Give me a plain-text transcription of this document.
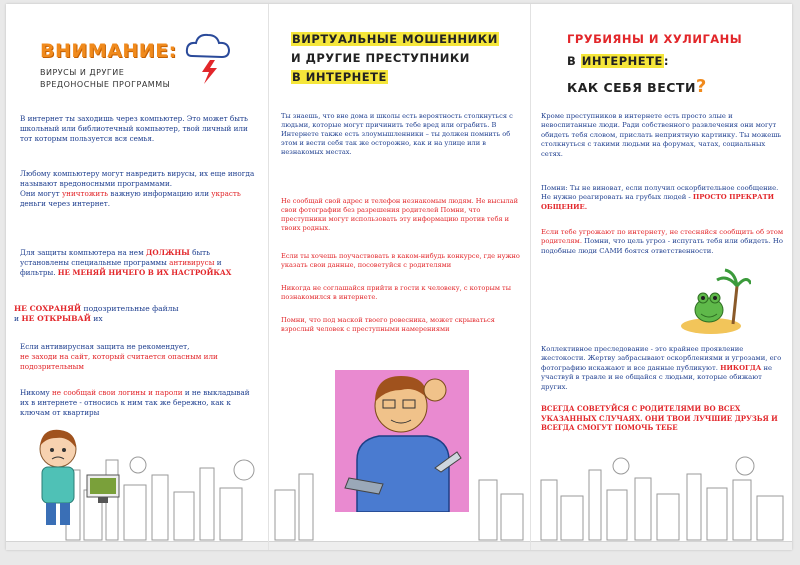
ВНИМАНИЕ:
ВИРУСЫ И ДРУГИЕ
ВРЕДОНОСНЫЕ ПРОГРАММЫ
В интернет ты заходишь через компьютер. Это может быть школьный или библиотечный компьютер, твой личный или тот которым пользуется вся семья.
Любому компьютеру могут навредить вирусы, их еще иногда называют вредоносными программами.
Они могут уничтожить важную информацию или украсть деньги через интернет.
Для защиты компьютера на нем ДОЛЖНЫ быть установлены специальные программы антивирусы и фильтры. НЕ МЕНЯЙ НИЧЕГО В ИХ НАСТРОЙКАХ
НЕ СОХРАНЯЙ подозрительные файлы
и НЕ ОТКРЫВАЙ их
Если антивирусная защита не рекомендует,
не заходи на сайт, который считается опасным или подозрительным
Никому не сообщай свои логины и пароли и не выкладывай их в интернете - относись к ним так же бережно, как к ключам от квартиры
ВИРТУАЛЬНЫЕ МОШЕННИКИ
И ДРУГИЕ ПРЕСТУПНИКИ
В ИНТЕРНЕТЕ
Ты знаешь, что вне дома и школы есть вероятность столкнуться с людьми, которые могут причинить тебе вред или ограбить. В Интернете также есть злоумышленники – ты должен помнить об этом и вести себя так же осторожно, как и на улице или в незнакомых местах.
Не сообщай свой адрес и телефон незнакомым людям. Не высылай свои фотографии без разрешения родителей Помни, что преступники могут использовать эту информацию против тебя и твоих родных.
Если ты хочешь поучаствовать в каком-нибудь конкурсе, где нужно указать свои данные, посоветуйся с родителями
Никогда не соглашайся прийти в гости к человеку, с которым ты познакомился в интернете.
Помни, что под маской твоего ровесника, может скрываться взрослый человек с преступными намерениями
ГРУБИЯНЫ И ХУЛИГАНЫ
В ИНТЕРНЕТЕ:
КАК СЕБЯ ВЕСТИ?
Кроме преступников в интернете есть просто злые и невоспитанные люди. Ради собственного развлечения они могут обидеть тебя словом, прислать неприятную картинку. Ты можешь столкнуться с такими людьми на форумах, чатах, социальных сетях.
Помни: Ты не виноват, если получил оскорбительное сообщение. Не нужно реагировать на грубых людей - ПРОСТО ПРЕКРАТИ ОБЩЕНИЕ.
Если тебе угрожают по интернету, не стесняйся сообщить об этом родителям. Помни, что цель угроз - испугать тебя или обидеть. Но подобные люди САМИ боятся ответственности.
Коллективное преследование - это крайнее проявление жестокости. Жертву забрасывают оскорблениями и угрозами, его фотографию искажают и все данные публикуют. НИКОГДА не участвуй в травле и не общайся с людьми, которые обижают других.
ВСЕГДА СОВЕТУЙСЯ С РОДИТЕЛЯМИ ВО ВСЕХ УКАЗАННЫХ СЛУЧАЯХ. ОНИ ТВОИ ЛУЧШИЕ ДРУЗЬЯ И ВСЕГДА СМОГУТ ПОМОЧЬ ТЕБЕ
